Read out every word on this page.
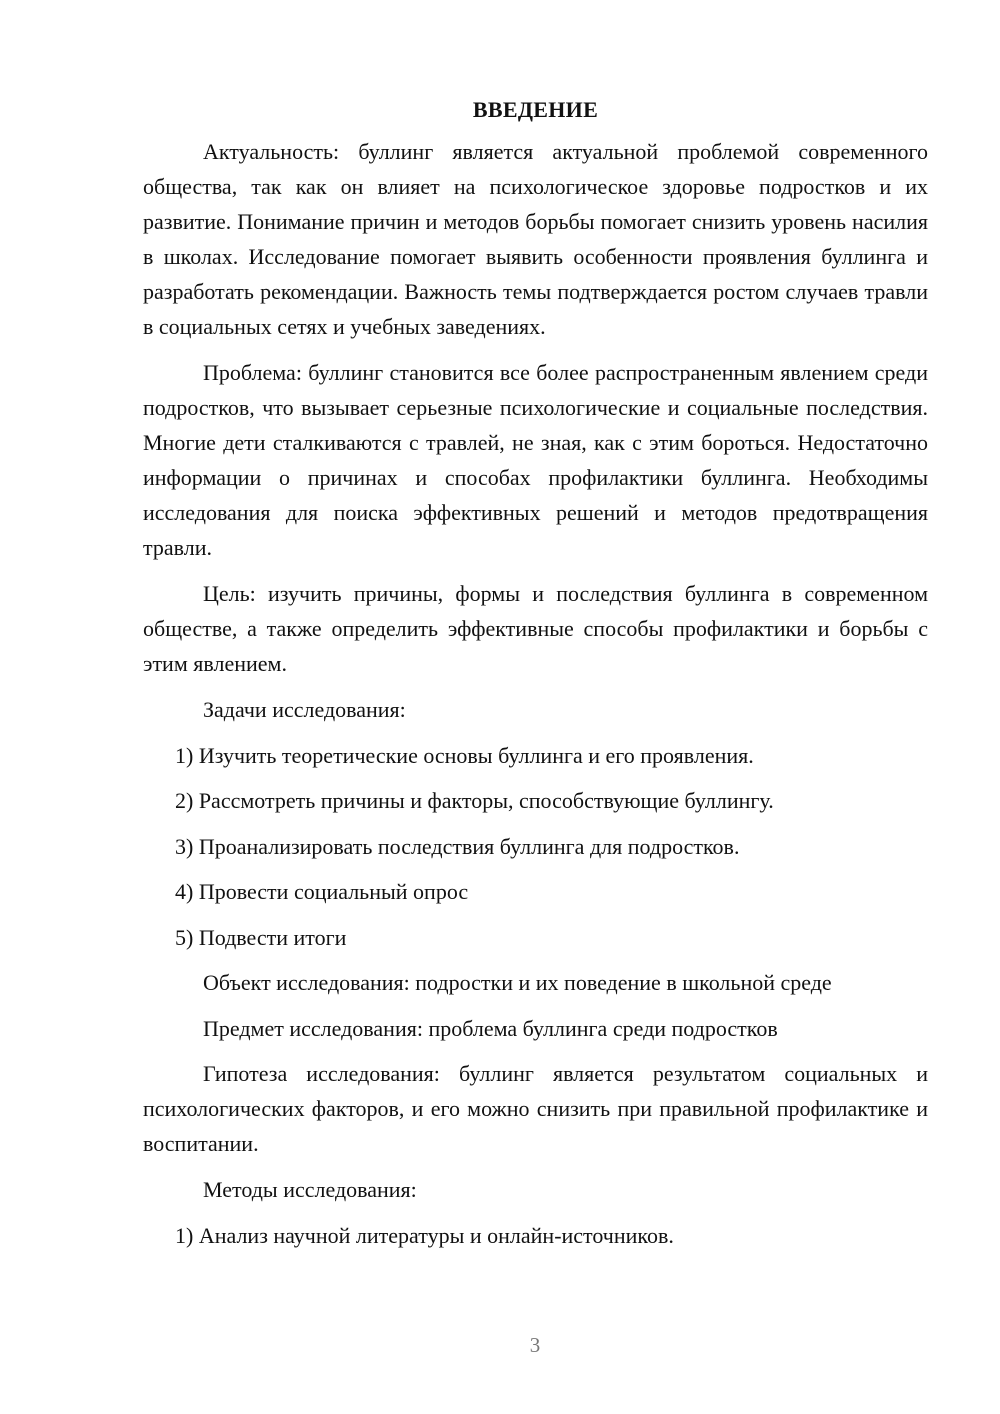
ВВЕДЕНИЕ

Актуальность: буллинг является актуальной проблемой современного общества, так как он влияет на психологическое здоровье подростков и их развитие. Понимание причин и методов борьбы помогает снизить уровень насилия в школах. Исследование помогает выявить особенности проявления буллинга и разработать рекомендации. Важность темы подтверждается ростом случаев травли в социальных сетях и учебных заведениях.

Проблема: буллинг становится все более распространенным явлением среди подростков, что вызывает серьезные психологические и социальные последствия. Многие дети сталкиваются с травлей, не зная, как с этим бороться. Недостаточно информации о причинах и способах профилактики буллинга. Необходимы исследования для поиска эффективных решений и методов предотвращения травли.

Цель: изучить причины, формы и последствия буллинга в современном обществе, а также определить эффективные способы профилактики и борьбы с этим явлением.

Задачи исследования:
1) Изучить теоретические основы буллинга и его проявления.
2) Рассмотреть причины и факторы, способствующие буллингу.
3) Проанализировать последствия буллинга для подростков.
4) Провести социальный опрос
5) Подвести итоги
Объект исследования: подростки и их поведение в школьной среде
Предмет исследования: проблема буллинга среди подростков

Гипотеза исследования: буллинг является результатом социальных и психологических факторов, и его можно снизить при правильной профилактике и воспитании.

Методы исследования:
1) Анализ научной литературы и онлайн-источников.
3
